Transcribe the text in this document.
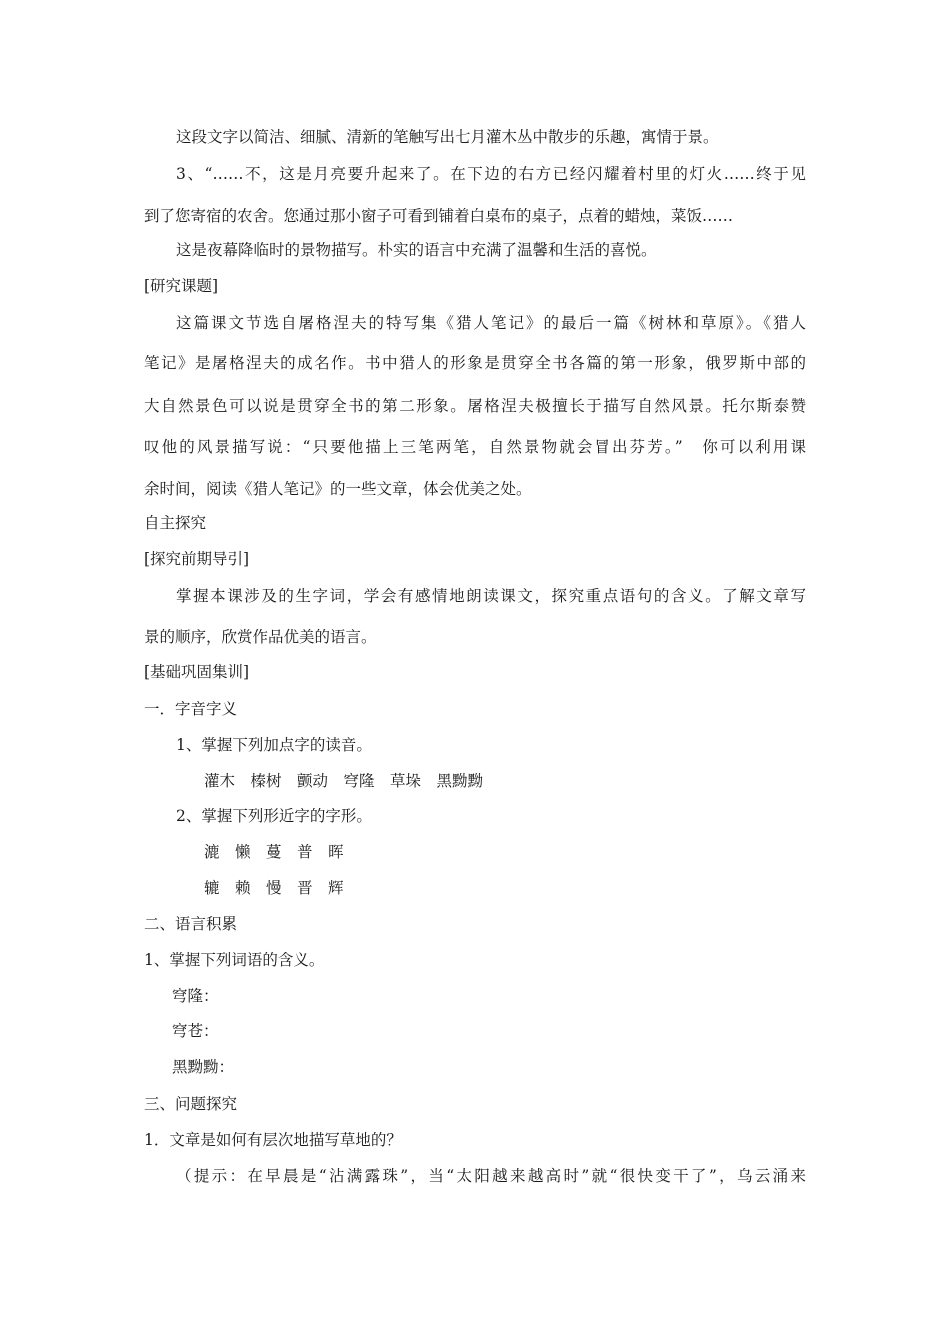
这段文字以简洁、细腻、清新的笔触写出七月灌木丛中散步的乐趣，寓情于景。

3、“……不，这是月亮要升起来了。在下边的右方已经闪耀着村里的灯火……终于见

到了您寄宿的农舍。您通过那小窗子可看到铺着白桌布的桌子，点着的蜡烛，菜饭……

这是夜幕降临时的景物描写。朴实的语言中充满了温馨和生活的喜悦。

[研究课题]

这篇课文节选自屠格涅夫的特写集《猎人笔记》的最后一篇《树林和草原》。《猎人

笔记》是屠格涅夫的成名作。书中猎人的形象是贯穿全书各篇的第一形象，俄罗斯中部的

大自然景色可以说是贯穿全书的第二形象。屠格涅夫极擅长于描写自然风景。托尔斯泰赞

叹他的风景描写说：“只要他描上三笔两笔，自然景物就会冒出芬芳。”　你可以利用课

余时间，阅读《猎人笔记》的一些文章，体会优美之处。

自主探究

[探究前期导引]

掌握本课涉及的生字词，学会有感情地朗读课文，探究重点语句的含义。了解文章写

景的顺序，欣赏作品优美的语言。

[基础巩固集训]

一．字音字义

1、掌握下列加点字的读音。

灌木　榛树　颤动　穹隆　草垛　黑黝黝

2、掌握下列形近字的字形。

漉　懒　蔓　普　晖

辘　赖　慢　晋　辉

二、语言积累

1、掌握下列词语的含义。

穹隆：

穹苍：

黑黝黝：

三、问题探究

1．文章是如何有层次地描写草地的？

（提示：在早晨是“沾满露珠”，当“太阳越来越高时”就“很快变干了”，乌云涌来
